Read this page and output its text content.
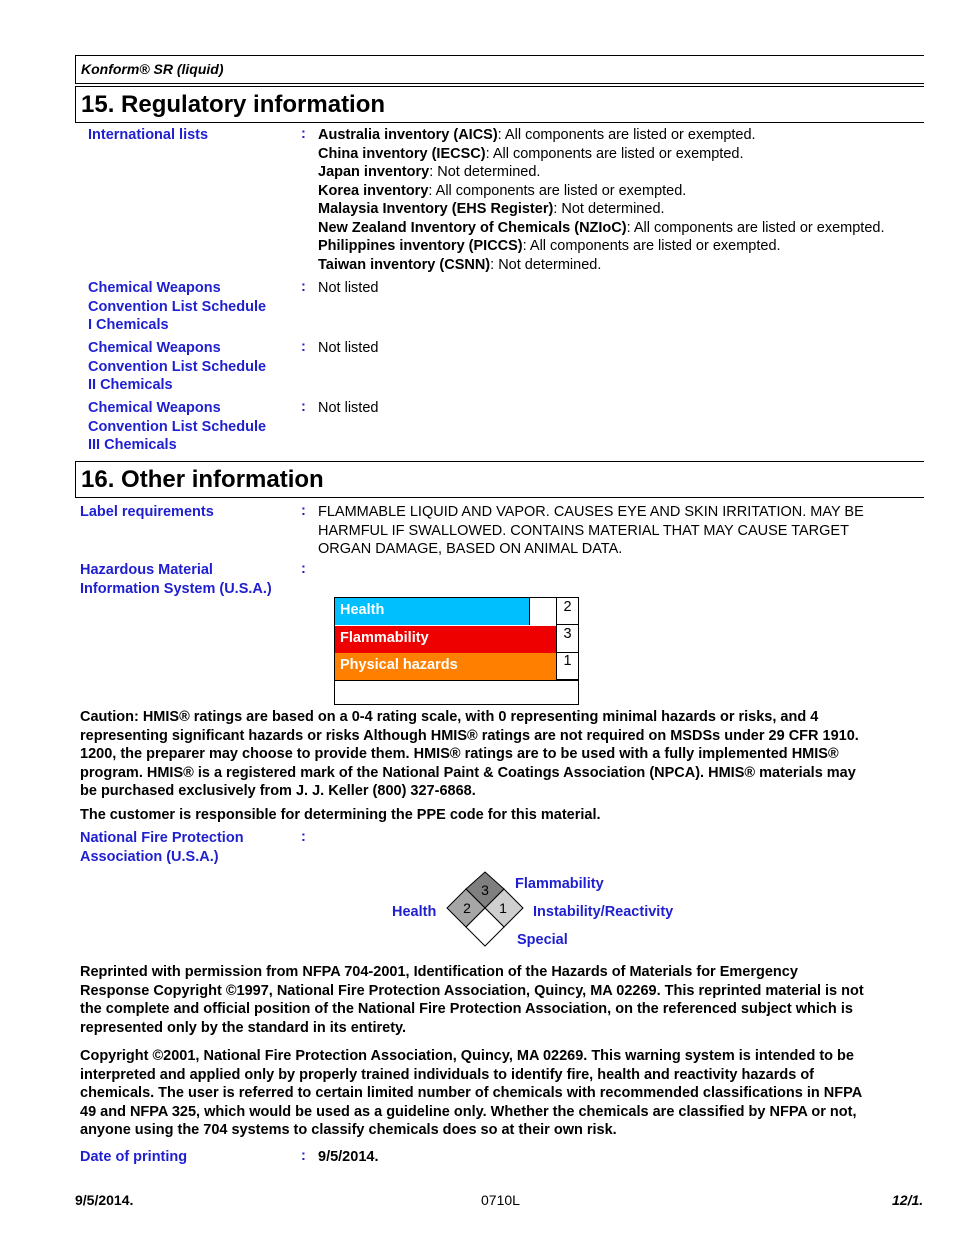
Konform® SR (liquid)
15. Regulatory information
International lists	: Australia inventory (AICS): All components are listed or exempted.
China inventory (IECSC): All components are listed or exempted.
Japan inventory: Not determined.
Korea inventory: All components are listed or exempted.
Malaysia Inventory (EHS Register): Not determined.
New Zealand Inventory of Chemicals (NZIoC): All components are listed or exempted.
Philippines inventory (PICCS): All components are listed or exempted.
Taiwan inventory (CSNN): Not determined.
Chemical Weapons
Convention List Schedule
I Chemicals
: Not listed
Chemical Weapons
Convention List Schedule
II Chemicals
: Not listed
Chemical Weapons
Convention List Schedule
III Chemicals
: Not listed
16. Other information
Label requirements	: FLAMMABLE LIQUID AND VAPOR. CAUSES EYE AND SKIN IRRITATION. MAY BE
HARMFUL IF SWALLOWED. CONTAINS MATERIAL THAT MAY CAUSE TARGET
ORGAN DAMAGE, BASED ON ANIMAL DATA.
Hazardous Material
Information System (U.S.A.)
:
Health	2
Flammability	3
Physical hazards	1
Caution: HMIS® ratings are based on a 0-4 rating scale, with 0 representing minimal hazards or risks, and 4
representing significant hazards or risks Although HMIS® ratings are not required on MSDSs under 29 CFR 1910.
1200, the preparer may choose to provide them. HMIS® ratings are to be used with a fully implemented HMIS®
program. HMIS® is a registered mark of the National Paint & Coatings Association (NPCA). HMIS® materials may
be purchased exclusively from J. J. Keller (800) 327-6868.
The customer is responsible for determining the PPE code for this material.
National Fire Protection
Association (U.S.A.)
:
3
2 1
Health
Flammability
Instability/Reactivity
Special
Reprinted with permission from NFPA 704-2001, Identification of the Hazards of Materials for Emergency
Response Copyright ©1997, National Fire Protection Association, Quincy, MA 02269. This reprinted material is not
the complete and official position of the National Fire Protection Association, on the referenced subject which is
represented only by the standard in its entirety.
Copyright ©2001, National Fire Protection Association, Quincy, MA 02269. This warning system is intended to be
interpreted and applied only by properly trained individuals to identify fire, health and reactivity hazards of
chemicals. The user is referred to certain limited number of chemicals with recommended classifications in NFPA
49 and NFPA 325, which would be used as a guideline only. Whether the chemicals are classified by NFPA or not,
anyone using the 704 systems to classify chemicals does so at their own risk.
Date of printing	: 9/5/2014.
9/5/2014.	0710L	12/1.
